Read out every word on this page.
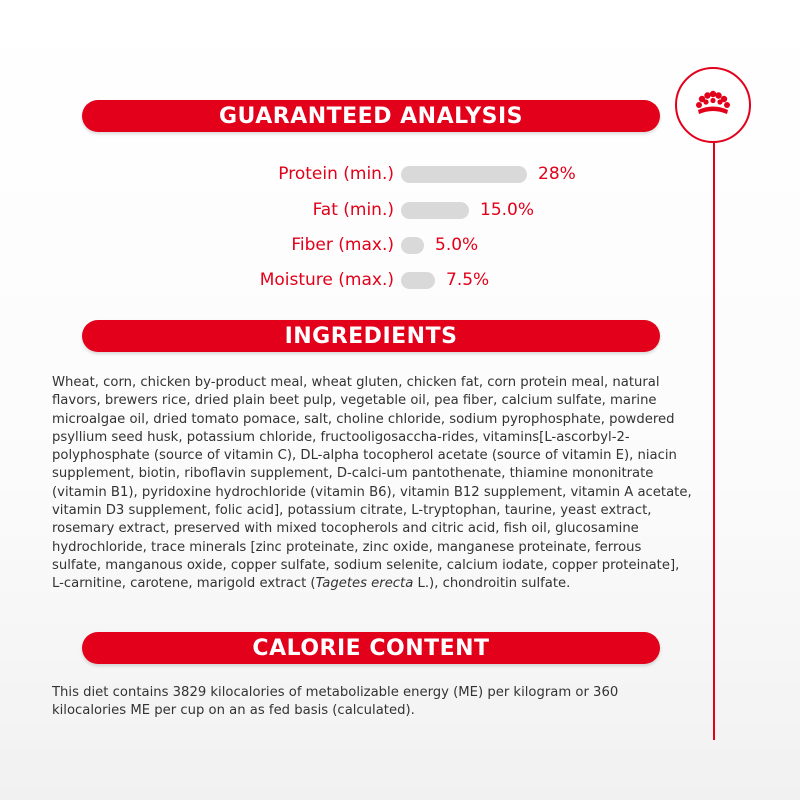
GUARANTEED ANALYSIS
Protein (min.)	28%
Fat (min.)	15.0%
Fiber (max.) 5.0%
Moisture (max.)	7.5%
INGREDIENTS

Wheat, corn, chicken by-product meal, wheat gluten, chicken fat, corn protein meal, natural flavors, brewers rice, dried plain beet pulp, vegetable oil, pea fiber, calcium sulfate, marine microalgae oil, dried tomato pomace, salt, choline chloride, sodium pyrophosphate, powdered psyllium seed husk, potassium chloride, fructooligosaccha-rides, vitamins[L-ascorbyl-2-polyphosphate (source of vitamin C), DL-alpha tocopherol acetate (source of vitamin E), niacin supplement, biotin, riboflavin supplement, D-calci-um pantothenate, thiamine mononitrate (vitamin B1), pyridoxine hydrochloride (vitamin B6), vitamin B12 supplement, vitamin A acetate, vitamin D3 supplement, folic acid], potassium citrate, L-tryptophan, taurine, yeast extract, rosemary extract, preserved with mixed tocopherols and citric acid, fish oil, glucosamine hydrochloride, trace minerals [zinc proteinate, zinc oxide, manganese proteinate, ferrous sulfate, manganous oxide, copper sulfate, sodium selenite, calcium iodate, copper proteinate], L-carnitine, carotene, marigold extract (Tagetes erecta L.), chondroitin sulfate.

CALORIE CONTENT

This diet contains 3829 kilocalories of metabolizable energy (ME) per kilogram or 360 kilocalories ME per cup on an as fed basis (calculated).
